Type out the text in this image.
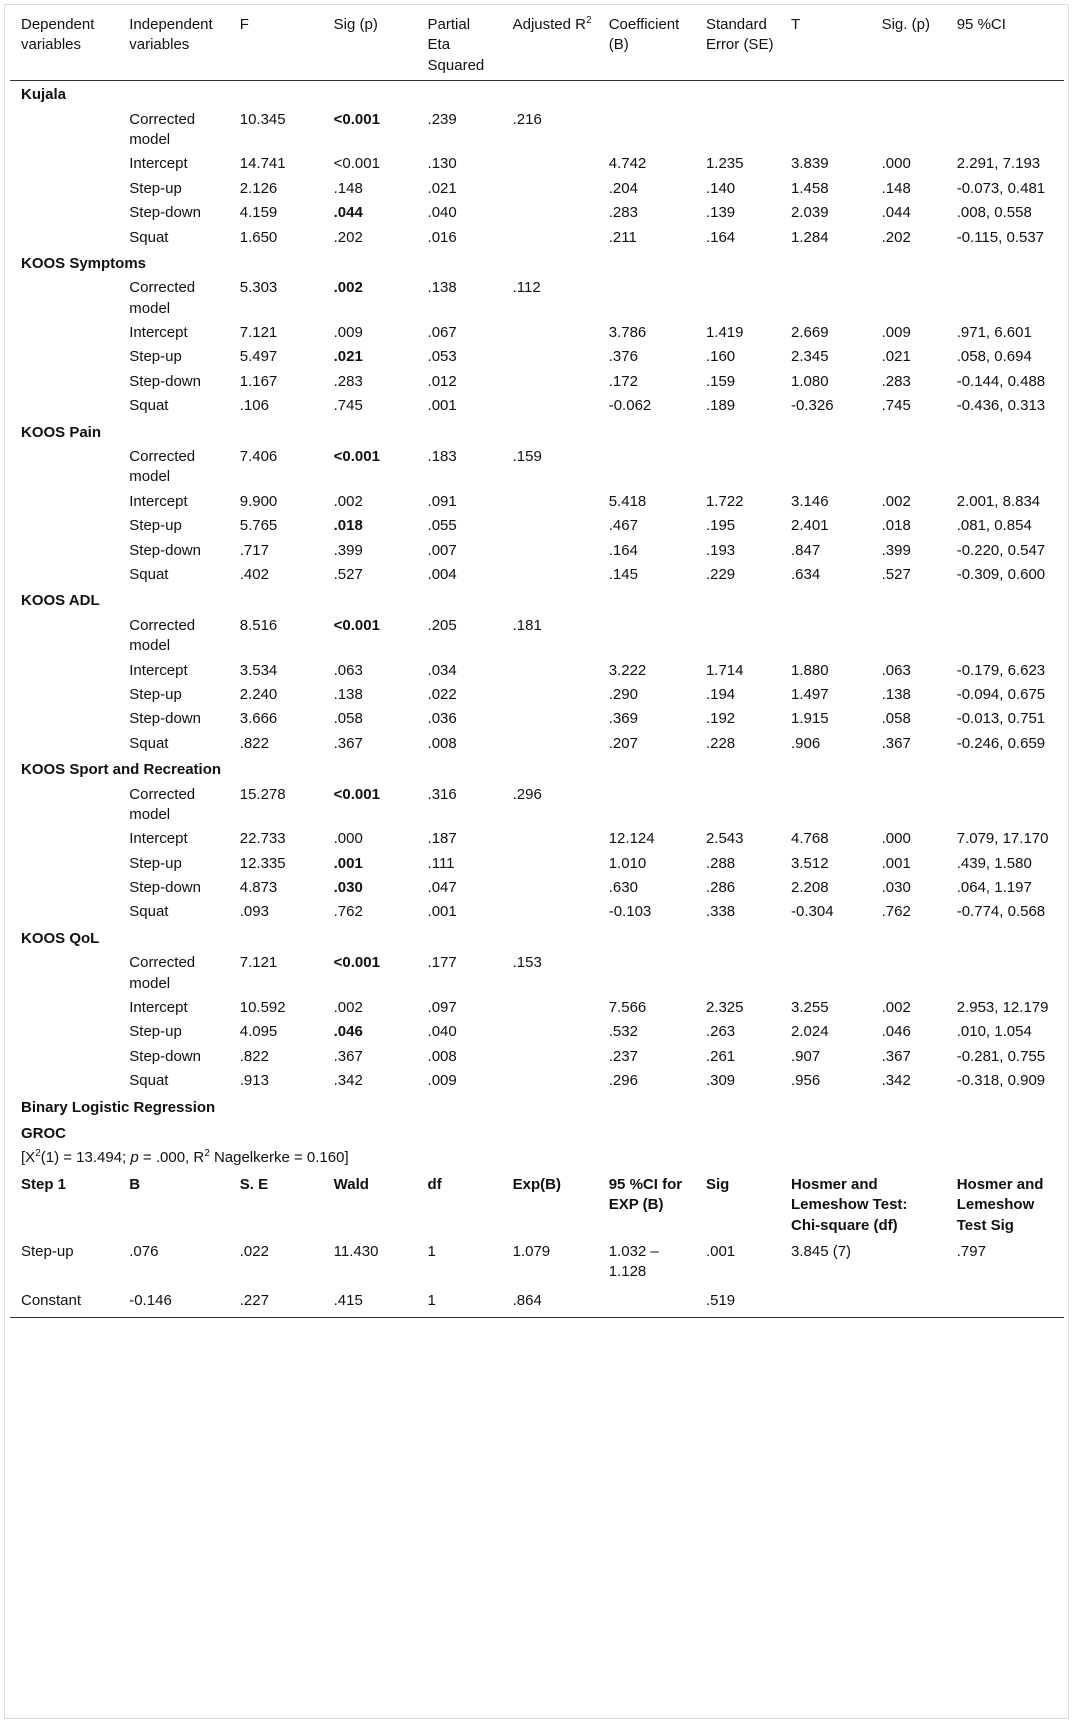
Dependent variables	Independent variables	F	Sig (p)	Partial Eta Squared	Adjusted $R^2$	Coefficient (B)	Standard Error (SE)	T	Sig. (p)	95 %CI
Kujala										
	Corrected model	10.345	<0.001	.239	.216					
	Intercept	14.741	<0.001	.130		4.742	1.235	3.839	.000	2.291, 7.193
	Step-up	2.126	.148	.021		.204	.140	1.458	.148	-0.073, 0.481
	Step-down	4.159	.044	.040		.283	.139	2.039	.044	.008, 0.558
	Squat	1.650	.202	.016		.211	.164	1.284	.202	-0.115, 0.537
KOOS Symptoms										
	Corrected model	5.303	.002	.138	.112					
	Intercept	7.121	.009	.067		3.786	1.419	2.669	.009	.971, 6.601
	Step-up	5.497	.021	.053		.376	.160	2.345	.021	.058, 0.694
	Step-down	1.167	.283	.012		.172	.159	1.080	.283	-0.144, 0.488
	Squat	.106	.745	.001		-0.062	.189	-0.326	.745	-0.436, 0.313
KOOS Pain										
	Corrected model	7.406	<0.001	.183	.159					
	Intercept	9.900	.002	.091		5.418	1.722	3.146	.002	2.001, 8.834
	Step-up	5.765	.018	.055		.467	.195	2.401	.018	.081, 0.854
	Step-down	.717	.399	.007		.164	.193	.847	.399	-0.220, 0.547
	Squat	.402	.527	.004		.145	.229	.634	.527	-0.309, 0.600
KOOS ADL										
	Corrected model	8.516	<0.001	.205	.181					
	Intercept	3.534	.063	.034		3.222	1.714	1.880	.063	-0.179, 6.623
	Step-up	2.240	.138	.022		.290	.194	1.497	.138	-0.094, 0.675
	Step-down	3.666	.058	.036		.369	.192	1.915	.058	-0.013, 0.751
	Squat	.822	.367	.008		.207	.228	.906	.367	-0.246, 0.659
KOOS Sport and Recreation										
	Corrected model	15.278	<0.001	.316	.296					
	Intercept	22.733	.000	.187		12.124	2.543	4.768	.000	7.079, 17.170
	Step-up	12.335	.001	.111		1.010	.288	3.512	.001	.439, 1.580
	Step-down	4.873	.030	.047		.630	.286	2.208	.030	.064, 1.197
	Squat	.093	.762	.001		-0.103	.338	-0.304	.762	-0.774, 0.568
KOOS QoL										
	Corrected model	7.121	<0.001	.177	.153					
	Intercept	10.592	.002	.097		7.566	2.325	3.255	.002	2.953, 12.179
	Step-up	4.095	.046	.040		.532	.263	2.024	.046	.010, 1.054
	Step-down	.822	.367	.008		.237	.261	.907	.367	-0.281, 0.755
	Squat	.913	.342	.009		.296	.309	.956	.342	-0.318, 0.909
Binary Logistic Regression										
GROC										
[$X^2(1) = 13.494$; p = .000, $R^2$ Nagelkerke = 0.160]										
Step 1	B	S. E	Wald	df	Exp(B)	95 %CI for EXP (B)	Sig	Hosmer and Lemeshow Test: Chi-square (df)		Hosmer and Lemeshow Test Sig
Step-up	.076	.022	11.430	1	1.079	1.032 – 1.128	.001	3.845 (7)		.797
Constant	-0.146	.227	.415	1	.864		.519			
